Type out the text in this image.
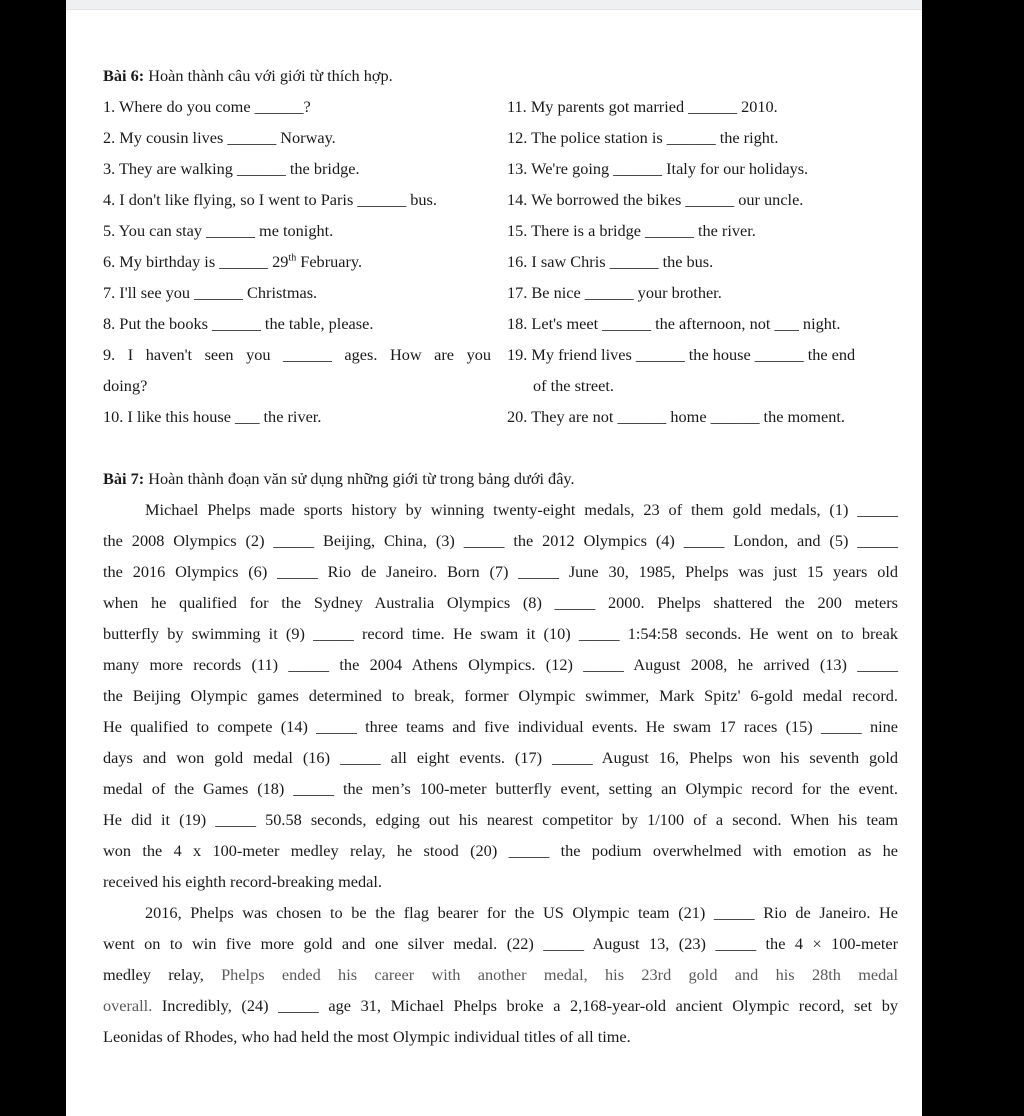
Bài 6: Hoàn thành câu với giới từ thích hợp.
1. Where do you come ______?
2. My cousin lives ______ Norway.
3. They are walking ______ the bridge.
4. I don't like flying, so I went to Paris ______ bus.
5. You can stay ______ me tonight.
6. My birthday is ______ 29th February.
7. I'll see you ______ Christmas.
8. Put the books ______ the table, please.
9. I haven't seen you ______ ages. How are you
doing?
10. I like this house ___ the river.
11. My parents got married ______ 2010.
12. The police station is ______ the right.
13. We're going ______ Italy for our holidays.
14. We borrowed the bikes ______ our uncle.
15. There is a bridge ______ the river.
16. I saw Chris ______ the bus.
17. Be nice ______ your brother.
18. Let's meet ______ the afternoon, not ___ night.
19. My friend lives ______ the house ______ the end
of the street.
20. They are not ______ home ______ the moment.
Bài 7: Hoàn thành đoạn văn sử dụng những giới từ trong bảng dưới đây.
Michael Phelps made sports history by winning twenty-eight medals, 23 of them gold medals, (1) _____
the 2008 Olympics (2) _____ Beijing, China, (3) _____ the 2012 Olympics (4) _____ London, and (5) _____
the 2016 Olympics (6) _____ Rio de Janeiro. Born (7) _____ June 30, 1985, Phelps was just 15 years old
when he qualified for the Sydney Australia Olympics (8) _____ 2000. Phelps shattered the 200 meters
butterfly by swimming it (9) _____ record time. He swam it (10) _____ 1:54:58 seconds. He went on to break
many more records (11) _____ the 2004 Athens Olympics. (12) _____ August 2008, he arrived (13) _____
the Beijing Olympic games determined to break, former Olympic swimmer, Mark Spitz' 6-gold medal record.
He qualified to compete (14) _____ three teams and five individual events. He swam 17 races (15) _____ nine
days and won gold medal (16) _____ all eight events. (17) _____ August 16, Phelps won his seventh gold
medal of the Games (18) _____ the men’s 100-meter butterfly event, setting an Olympic record for the event.
He did it (19) _____ 50.58 seconds, edging out his nearest competitor by 1/100 of a second. When his team
won the 4 x 100-meter medley relay, he stood (20) _____ the podium overwhelmed with emotion as he
received his eighth record-breaking medal.
2016, Phelps was chosen to be the flag bearer for the US Olympic team (21) _____ Rio de Janeiro. He
went on to win five more gold and one silver medal. (22) _____ August 13, (23) _____ the 4 × 100-meter
medley relay, Phelps ended his career with another medal, his 23rd gold and his 28th medal
overall. Incredibly, (24) _____ age 31, Michael Phelps broke a 2,168-year-old ancient Olympic record, set by
Leonidas of Rhodes, who had held the most Olympic individual titles of all time.
